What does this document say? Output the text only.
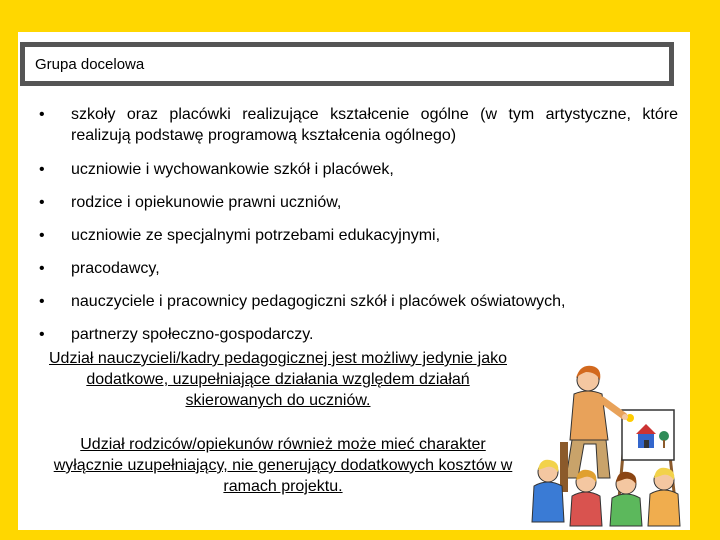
Grupa docelowa
• szkoły oraz placówki realizujące kształcenie ogólne (w tym artystyczne, które realizują podstawę programową kształcenia ogólnego)
• uczniowie i wychowankowie szkół i placówek,
• rodzice i opiekunowie prawni uczniów,
• uczniowie ze specjalnymi potrzebami edukacyjnymi,
• pracodawcy,
• nauczyciele i pracownicy pedagogiczni szkół i placówek oświatowych,
• partnerzy społeczno-gospodarczy.
Udział nauczycieli/kadry pedagogicznej jest możliwy jedynie jako dodatkowe, uzupełniające działania względem działań skierowanych do uczniów.
Udział rodziców/opiekunów również może mieć charakter wyłącznie uzupełniający, nie generujący dodatkowych kosztów w ramach projektu.
